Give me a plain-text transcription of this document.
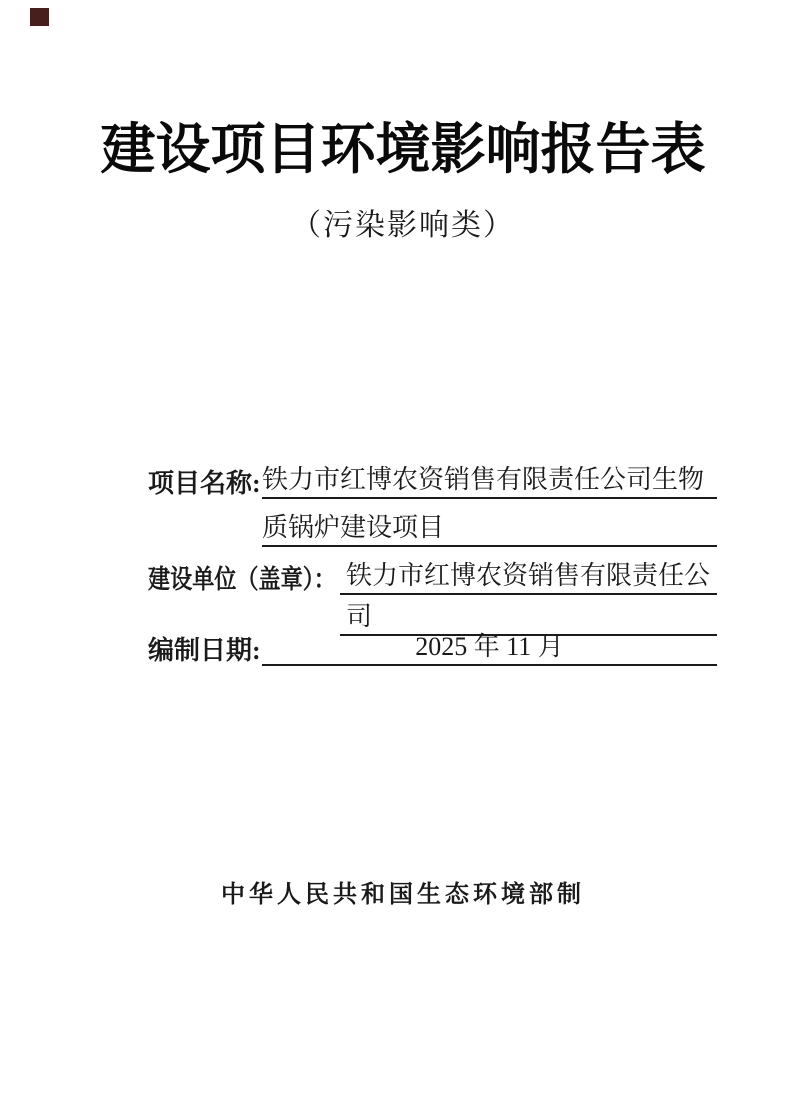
建设项目环境影响报告表
（污染影响类）
项目名称: 铁力市红博农资销售有限责任公司生物
质锅炉建设项目
建设单位（盖章）： 铁力市红博农资销售有限责任公
司
编制日期:	2025 年 11 月
中华人民共和国生态环境部制
